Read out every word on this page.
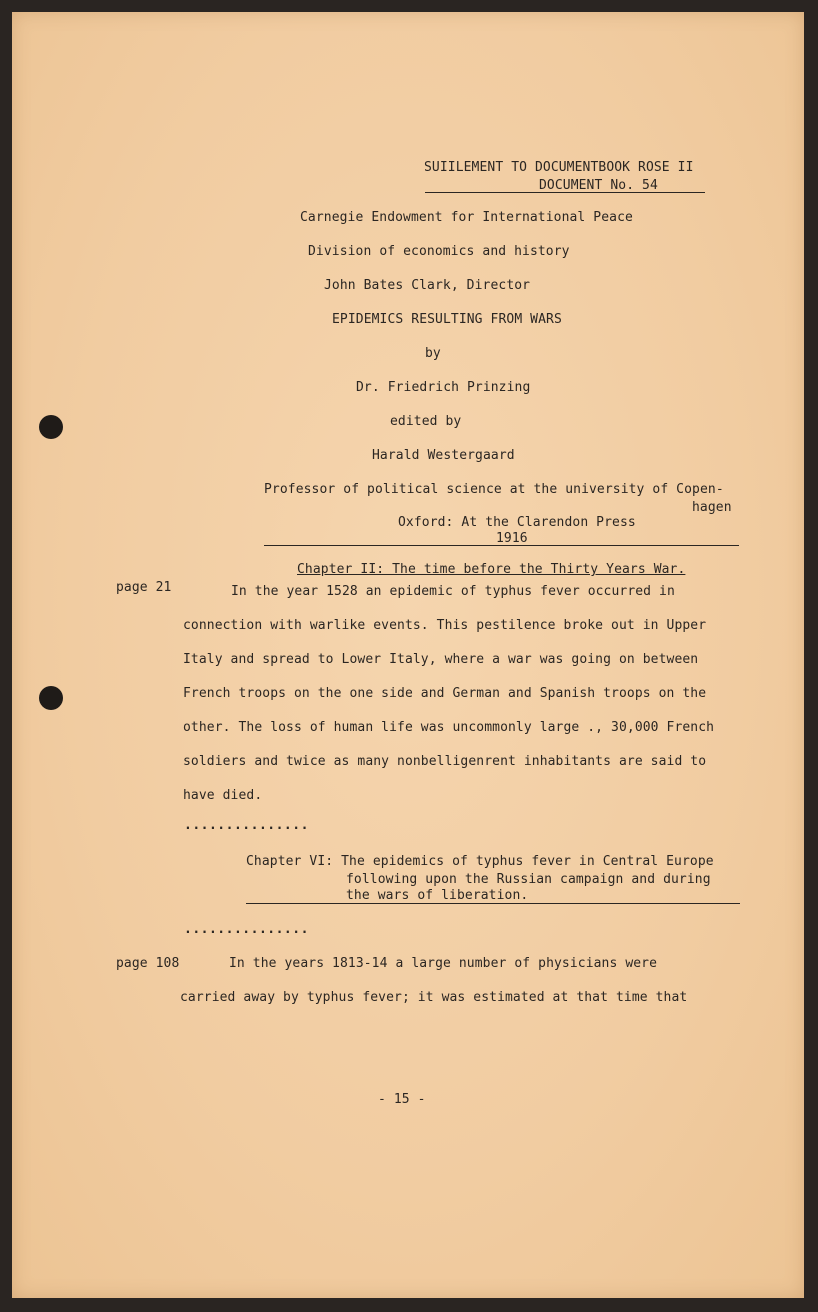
SUIILEMENT TO DOCUMENTBOOK ROSE II
DOCUMENT No. 54
Carnegie Endowment for International Peace
Division of economics and history
John Bates Clark, Director
EPIDEMICS RESULTING FROM WARS
by
Dr. Friedrich Prinzing
edited by
Harald Westergaard
Professor of political science at the university of Copen-
hagen
Oxford: At the Clarendon Press
1916
Chapter II: The time before the Thirty Years War.
page 21	In the year 1528 an epidemic of typhus fever occurred in
connection with warlike events. This pestilence broke out in Upper
Italy and spread to Lower Italy, where a war was going on between
French troops on the one side and German and Spanish troops on the
other. The loss of human life was uncommonly large ., 30,000 French
soldiers and twice as many nonbelligenrent inhabitants are said to
have died.
...............
Chapter VI: The epidemics of typhus fever in Central Europe
following upon the Russian campaign and during
the wars of liberation.
...............
page 108	In the years 1813-14 a large number of physicians were
carried away by typhus fever; it was estimated at that time that
- 15 -
